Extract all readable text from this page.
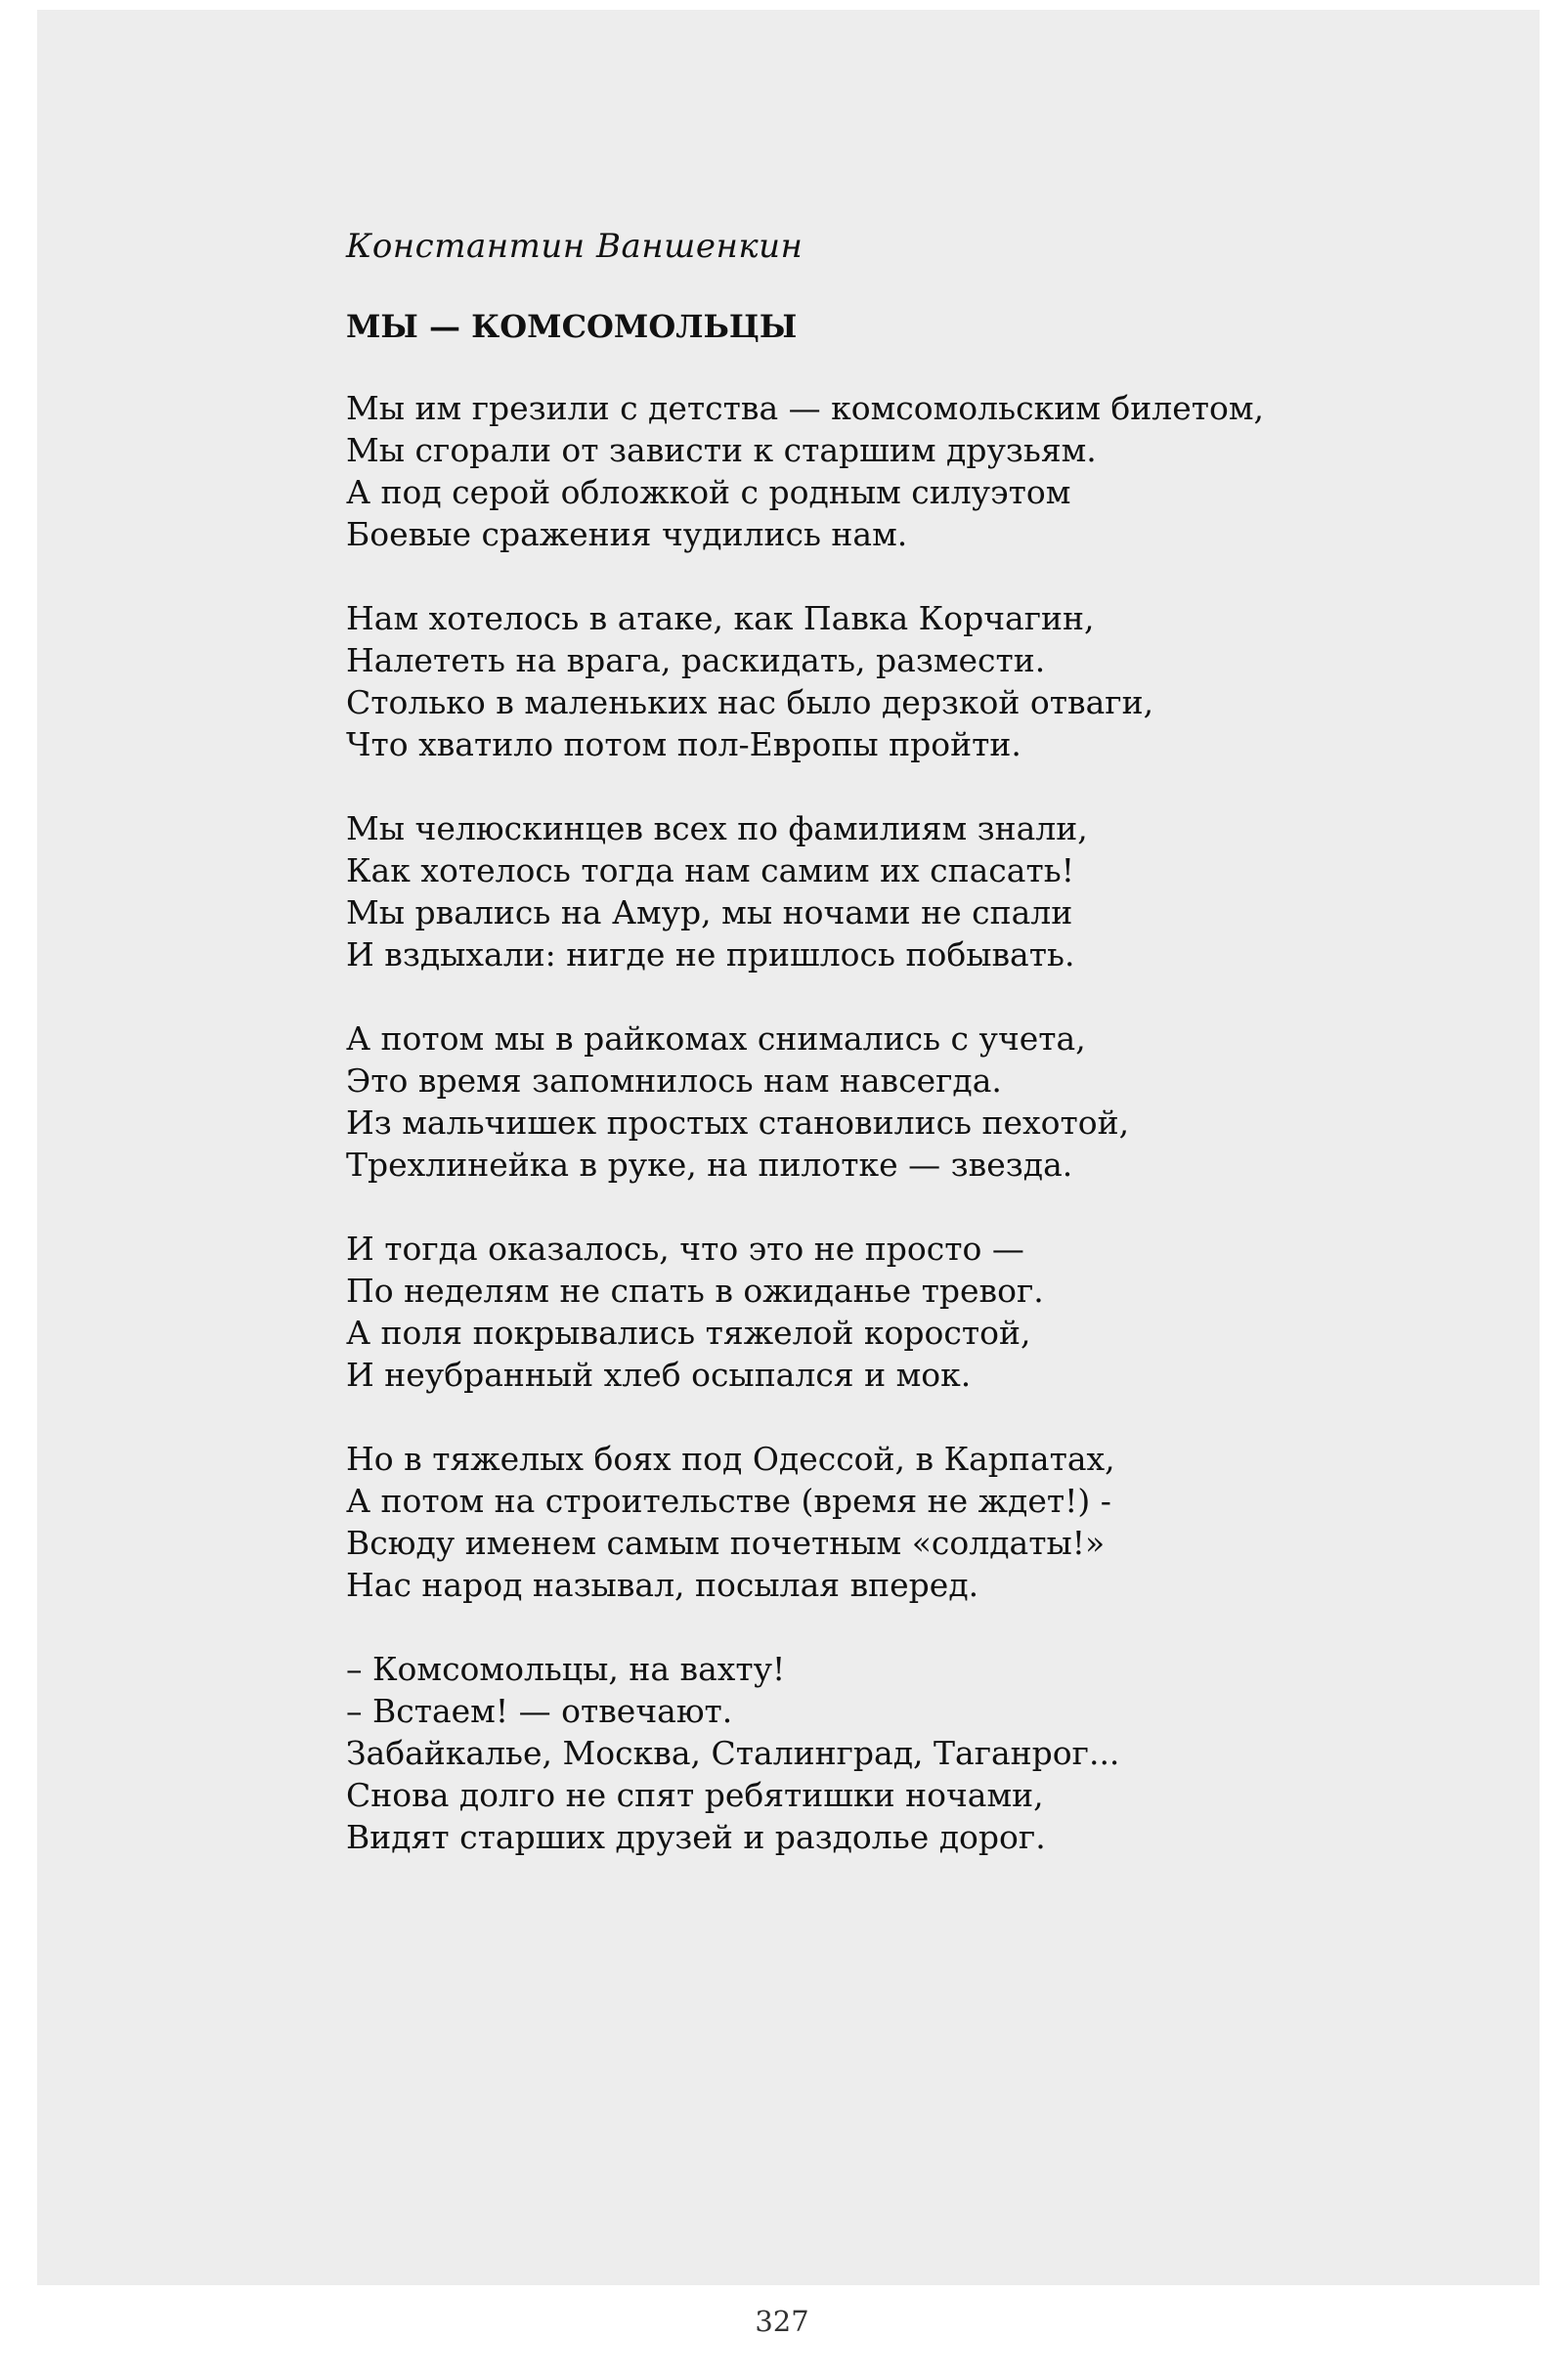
Константин Ваншенкин

МЫ — КОМСОМОЛЬЦЫ
Мы им грезили с детства — комсомольским билетом,
Мы сгорали от зависти к старшим друзьям.
А под серой обложкой с родным силуэтом
Боевые сражения чудились нам.
Нам хотелось в атаке, как Павка Корчагин,
Налететь на врага, раскидать, размести.
Столько в маленьких нас было дерзкой отваги,
Что хватило потом пол-Европы пройти.
Мы челюскинцев всех по фамилиям знали,
Как хотелось тогда нам самим их спасать!
Мы рвались на Амур, мы ночами не спали
И вздыхали: нигде не пришлось побывать.
А потом мы в райкомах снимались с учета,
Это время запомнилось нам навсегда.
Из мальчишек простых становились пехотой,
Трехлинейка в руке, на пилотке — звезда.
И тогда оказалось, что это не просто —
По неделям не спать в ожиданье тревог.
А поля покрывались тяжелой коростой,
И неубранный хлеб осыпался и мок.
Но в тяжелых боях под Одессой, в Карпатах,
А потом на строительстве (время не ждет!) -
Всюду именем самым почетным «солдаты!»
Нас народ называл, посылая вперед.
– Комсомольцы, на вахту!
– Встаем! — отвечают.
Забайкалье, Москва, Сталинград, Таганрог...
Снова долго не спят ребятишки ночами,
Видят старших друзей и раздолье дорог.
327
